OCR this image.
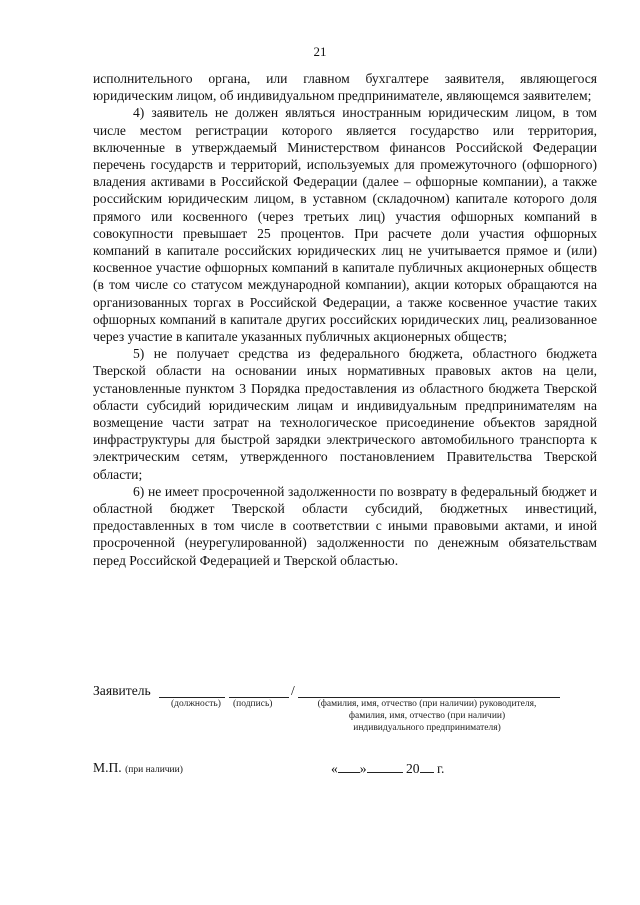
21

исполнительного органа, или главном бухгалтере заявителя, являющегося юридическим лицом, об индивидуальном предпринимателе, являющемся заявителем;

4) заявитель не должен являться иностранным юридическим лицом, в том числе местом регистрации которого является государство или территория, включенные в утверждаемый Министерством финансов Российской Федерации перечень государств и территорий, используемых для промежуточного (офшорного) владения активами в Российской Федерации (далее – офшорные компании), а также российским юридическим лицом, в уставном (складочном) капитале которого доля прямого или косвенного (через третьих лиц) участия офшорных компаний в совокупности превышает 25 процентов. При расчете доли участия офшорных компаний в капитале российских юридических лиц не учитывается прямое и (или) косвенное участие офшорных компаний в капитале публичных акционерных обществ (в том числе со статусом международной компании), акции которых обращаются на организованных торгах в Российской Федерации, а также косвенное участие таких офшорных компаний в капитале других российских юридических лиц, реализованное через участие в капитале указанных публичных акционерных обществ;

5) не получает средства из федерального бюджета, областного бюджета Тверской области на основании иных нормативных правовых актов на цели, установленные пунктом 3 Порядка предоставления из областного бюджета Тверской области субсидий юридическим лицам и индивидуальным предпринимателям на возмещение части затрат на технологическое присоединение объектов зарядной инфраструктуры для быстрой зарядки электрического автомобильного транспорта к электрическим сетям, утвержденного постановлением Правительства Тверской области;

6) не имеет просроченной задолженности по возврату в федеральный бюджет и областной бюджет Тверской области субсидий, бюджетных инвестиций, предоставленных в том числе в соответствии с иными правовыми актами, и иной просроченной (неурегулированной) задолженности по денежным обязательствам перед Российской Федерацией и Тверской областью.

Заявитель	/
(должность) (подпись)	(фамилия, имя, отчество (при наличии) руководителя,
фамилия, имя, отчество (при наличии)
индивидуального предпринимателя)
М.П. (при наличии)	« »	20 г.
